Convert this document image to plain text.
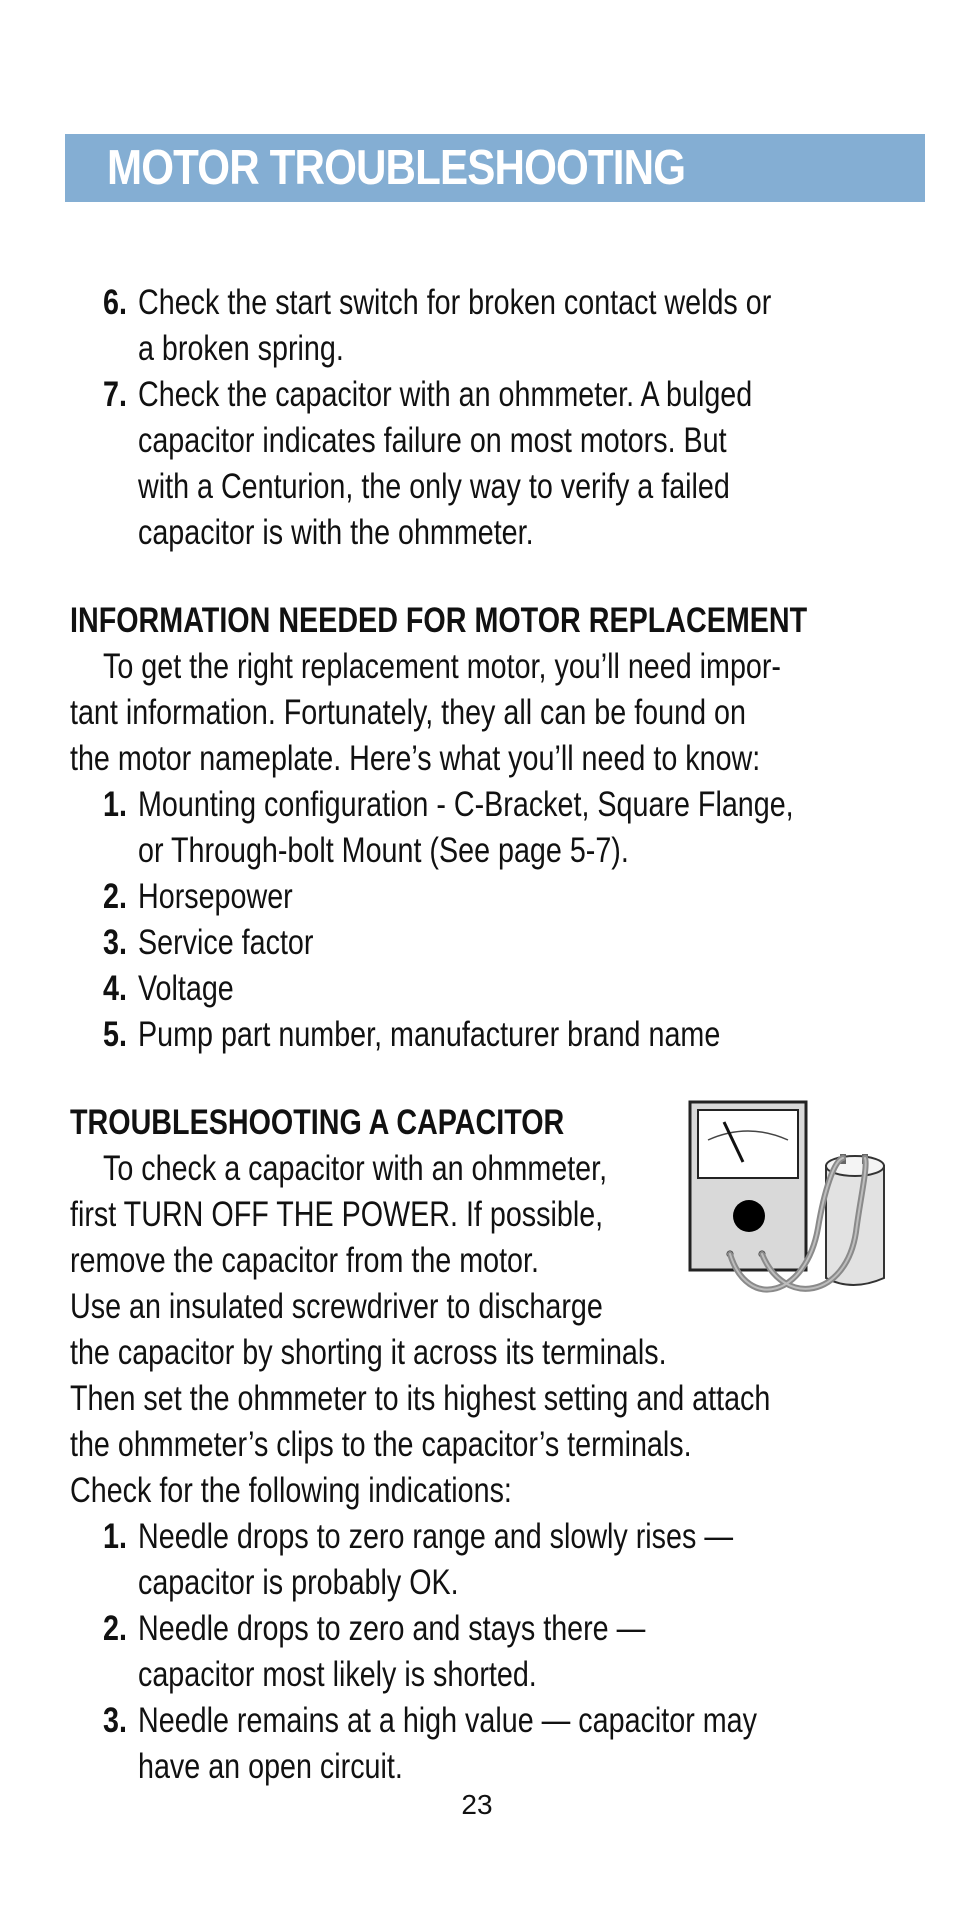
MOTOR TROUBLESHOOTING
6. Check the start switch for broken contact welds or
a broken spring.
7. Check the capacitor with an ohmmeter. A bulged
capacitor indicates failure on most motors. But
with a Centurion, the only way to verify a failed
capacitor is with the ohmmeter.
INFORMATION NEEDED FOR MOTOR REPLACEMENT
To get the right replacement motor, you’ll need impor-
tant information. Fortunately, they all can be found on
the motor nameplate. Here’s what you’ll need to know:
1. Mounting configuration - C-Bracket, Square Flange,
or Through-bolt Mount (See page 5-7).
2. Horsepower
3. Service factor
4. Voltage
5. Pump part number, manufacturer brand name
TROUBLESHOOTING A CAPACITOR
To check a capacitor with an ohmmeter,
first TURN OFF THE POWER. If possible,
remove the capacitor from the motor.
Use an insulated screwdriver to discharge
the capacitor by shorting it across its terminals.
Then set the ohmmeter to its highest setting and attach
the ohmmeter’s clips to the capacitor’s terminals.
Check for the following indications:
1. Needle drops to zero range and slowly rises —
capacitor is probably OK.
2. Needle drops to zero and stays there —
capacitor most likely is shorted.
3. Needle remains at a high value — capacitor may
have an open circuit.
23
